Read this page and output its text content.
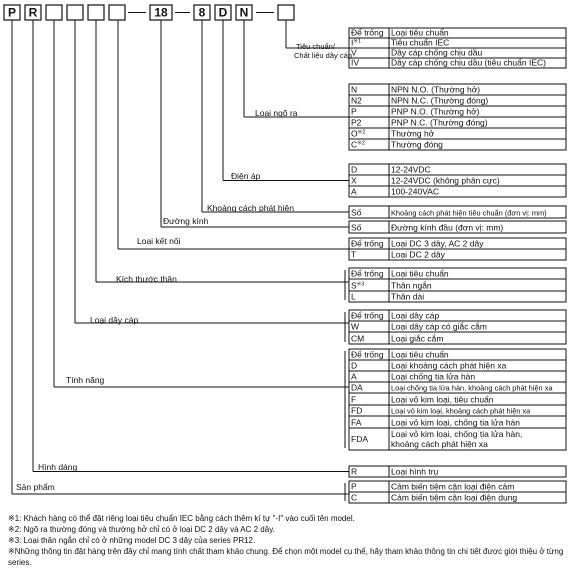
P R	18	8 D N
Để trống Loại tiêu chuẩn
$I^{※1}$	Tiêu chuẩn IEC
V	Dây cáp chống chịu dầu
IV	Dây cáp chống chịu dầu (tiêu chuẩn IEC)
Tiêu chuẩn/
Chất liệu dây cáp
N	NPN N.O. (Thường hở)
N2	NPN N.C. (Thường đóng)
P	PNP N.O. (Thường hở)
P2	PNP N.C. (Thường đóng)
$O^{※2}$	Thường hở
$C^{※2}$	Thường đóng
Loại ngõ ra
D	12-24VDC
X	12-24VDC (không phân cực)
A	100-240VAC
Điện áp
Số	Khoảng cách phát hiện tiêu chuẩn (đơn vị: mm)
Khoảng cách phát hiện
Số	Đường kính đầu (đơn vị: mm)
Đường kính
Để trống Loại DC 3 dây, AC 2 dây
T	Loại DC 2 dây
Loại kết nối
Để trống Loại tiêu chuẩn
$S^{※3}$	Thân ngắn
L	Thân dài
Kích thước thân
Để trống Loại dây cáp
W	Loại dây cáp có giắc cắm
CM	Loại giắc cắm
Loại dây cáp
Để trống Loại tiêu chuẩn
D	Loại khoảng cách phát hiện xa
A	Loại chống tia lửa hàn
DA	Loại chống tia lửa hàn, khoảng cách phát hiện xa
F	Loại vỏ kim loại, tiêu chuẩn
FD	Loại vỏ kim loại, khoảng cách phát hiện xa
FA	Loại vỏ kim loại, chống tia lửa hàn
FDA	Loại vỏ kim loại, chống tia lửa hàn,
khoảng cách phát hiện xa
Tính năng
R	Loại hình trụ
Hình dáng
P	Cảm biến tiệm cận loại điện cảm
C	Cảm biến tiệm cận loại điện dung
Sản phẩm
※1: Khách hàng có thể đặt riêng loại tiêu chuẩn IEC bằng cách thêm kí tự "-I" vào cuối tên model.
※2: Ngõ ra thường đóng và thường hở chỉ có ở loại DC 2 dây và AC 2 dây.
※3: Loại thân ngắn chỉ có ở những model DC 3 dây của series PR12.
※Những thông tin đặt hàng trên đây chỉ mang tính chất tham khảo chung. Để chọn một model cụ thể, hãy tham khảo thông tin chi tiết được giới thiệu ở từng series.
